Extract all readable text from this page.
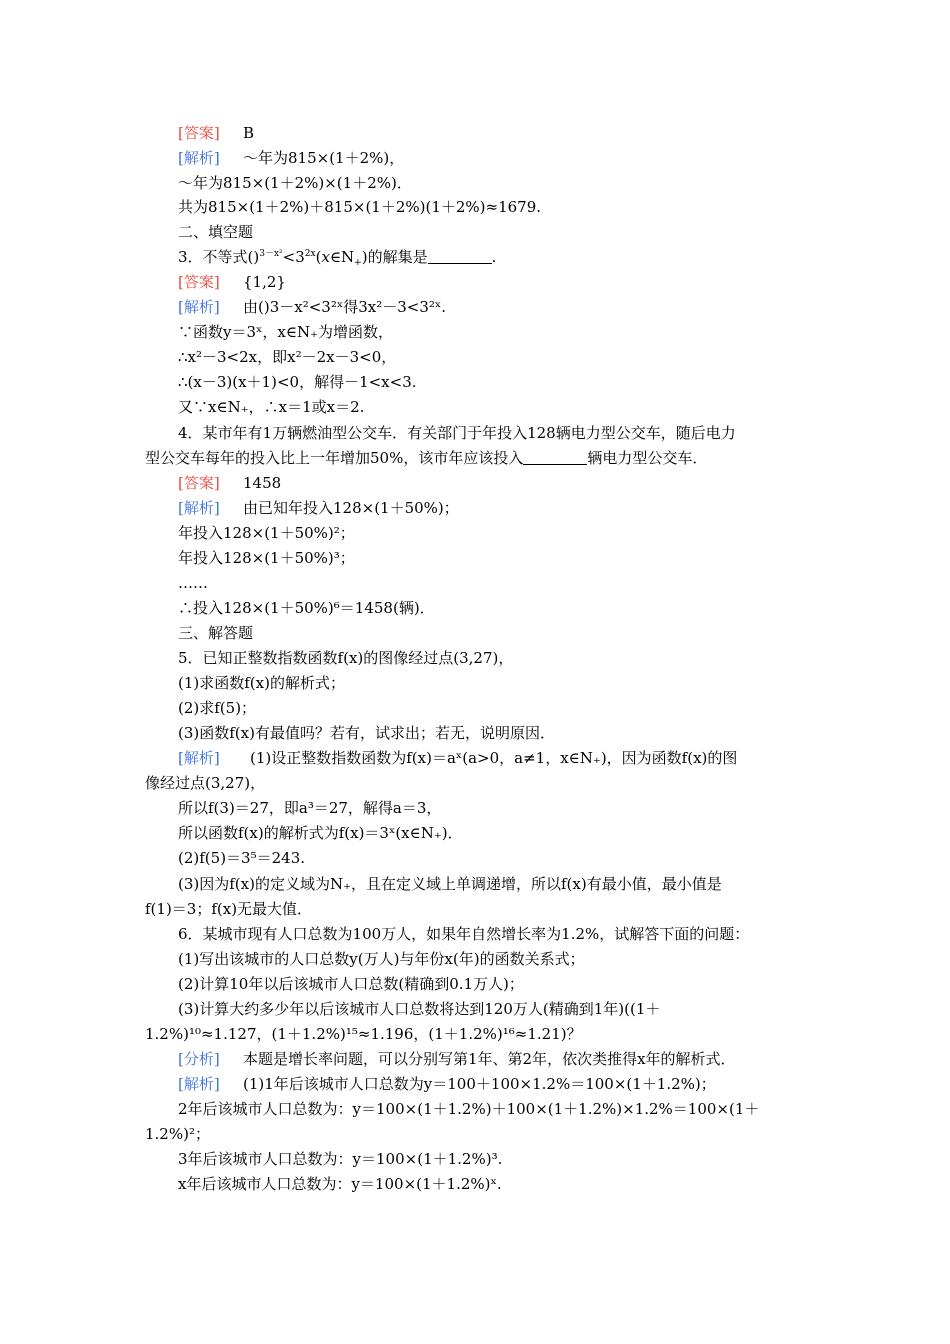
[答案] B
[解析] ～年为815×(1＋2%)，
～年为815×(1＋2%)×(1＋2%)．
共为815×(1＋2%)＋815×(1＋2%)(1＋2%)≈1679.
二、填空题
3．不等式$()^{3-x^2}<3^{2x}(x\in N_+)$的解集是	.
[答案] {1,2}
[解析] 由()3－x²<3²ˣ得3x²－3<3²ˣ.
∵函数y＝3ˣ，x∈N₊为增函数，
∴x²－3<2x，即x²－2x－3<0，
∴(x－3)(x＋1)<0，解得－1<x<3.
又∵x∈N₊，∴x＝1或x＝2.
4．某市年有1万辆燃油型公交车．有关部门于年投入128辆电力型公交车，随后电力
型公交车每年的投入比上一年增加50%，该市年应该投入	辆电力型公交车．
[答案] 1458
[解析] 由已知年投入128×(1＋50%)；
年投入128×(1＋50%)²；
年投入128×(1＋50%)³；
……
∴投入128×(1＋50%)⁶＝1458(辆)．
三、解答题
5．已知正整数指数函数f(x)的图像经过点(3,27)，
(1)求函数f(x)的解析式；
(2)求f(5)；
(3)函数f(x)有最值吗？若有，试求出；若无，说明原因．
[解析] (1)设正整数指数函数为f(x)＝aˣ(a>0，a≠1，x∈N₊)，因为函数f(x)的图
像经过点(3,27)，
所以f(3)＝27，即a³＝27，解得a＝3，
所以函数f(x)的解析式为f(x)＝3ˣ(x∈N₊)．
(2)f(5)＝3⁵＝243.
(3)因为f(x)的定义域为N₊，且在定义域上单调递增，所以f(x)有最小值，最小值是
f(1)＝3；f(x)无最大值．
6．某城市现有人口总数为100万人，如果年自然增长率为1.2%，试解答下面的问题：
(1)写出该城市的人口总数y(万人)与年份x(年)的函数关系式；
(2)计算10年以后该城市人口总数(精确到0.1万人)；
(3)计算大约多少年以后该城市人口总数将达到120万人(精确到1年)((1＋
1.2%)¹⁰≈1.127，(1＋1.2%)¹⁵≈1.196，(1＋1.2%)¹⁶≈1.21)？
[分析] 本题是增长率问题，可以分别写第1年、第2年，依次类推得x年的解析式．
[解析] (1)1年后该城市人口总数为y＝100＋100×1.2%＝100×(1＋1.2%)；
2年后该城市人口总数为：y＝100×(1＋1.2%)＋100×(1＋1.2%)×1.2%＝100×(1＋
1.2%)²；
3年后该城市人口总数为：y＝100×(1＋1.2%)³.
x年后该城市人口总数为：y＝100×(1＋1.2%)ˣ.
